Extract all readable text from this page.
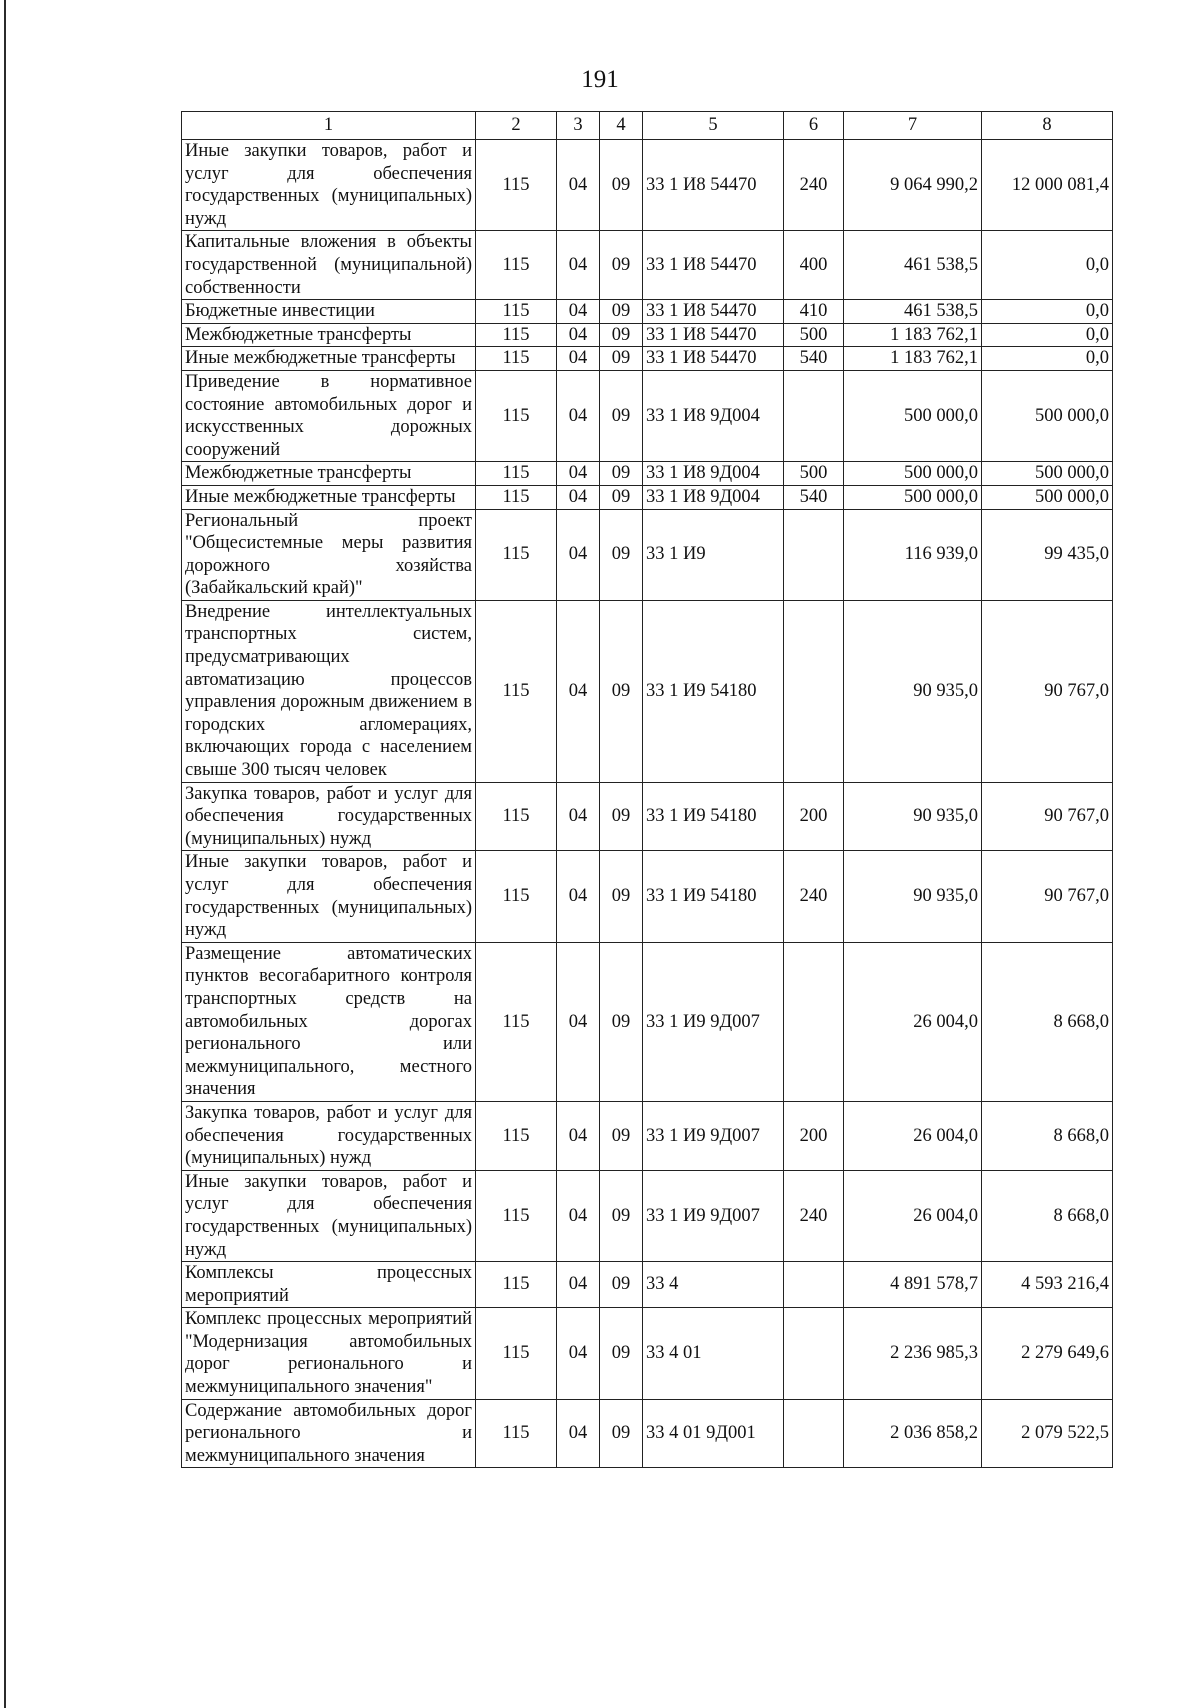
191
1	2	3	4	5	6	7	8
Иные закупки товаров, работ и услуг для обеспечения государственных (муниципальных) нужд	115	04	09	33 1 И8 54470	240	9 064 990,2	12 000 081,4
Капитальные вложения в объекты государственной (муниципальной) собственности	115	04	09	33 1 И8 54470	400	461 538,5	0,0
Бюджетные инвестиции	115	04	09	33 1 И8 54470	410	461 538,5	0,0
Межбюджетные трансферты	115	04	09	33 1 И8 54470	500	1 183 762,1	0,0
Иные межбюджетные трансферты	115	04	09	33 1 И8 54470	540	1 183 762,1	0,0
Приведение в нормативное состояние автомобильных дорог и искусственных дорожных сооружений	115	04	09	33 1 И8 9Д004		500 000,0	500 000,0
Межбюджетные трансферты	115	04	09	33 1 И8 9Д004	500	500 000,0	500 000,0
Иные межбюджетные трансферты	115	04	09	33 1 И8 9Д004	540	500 000,0	500 000,0
Региональный проект "Общесистемные меры развития дорожного хозяйства (Забайкальский край)"	115	04	09	33 1 И9		116 939,0	99 435,0
Внедрение интеллектуальных транспортных систем, предусматривающих автоматизацию процессов управления дорожным движением в городских агломерациях, включающих города с населением свыше 300 тысяч человек	115	04	09	33 1 И9 54180		90 935,0	90 767,0
Закупка товаров, работ и услуг для обеспечения государственных (муниципальных) нужд	115	04	09	33 1 И9 54180	200	90 935,0	90 767,0
Иные закупки товаров, работ и услуг для обеспечения государственных (муниципальных) нужд	115	04	09	33 1 И9 54180	240	90 935,0	90 767,0
Размещение автоматических пунктов весогабаритного контроля транспортных средств на автомобильных дорогах регионального или межмуниципального, местного значения	115	04	09	33 1 И9 9Д007		26 004,0	8 668,0
Закупка товаров, работ и услуг для обеспечения государственных (муниципальных) нужд	115	04	09	33 1 И9 9Д007	200	26 004,0	8 668,0
Иные закупки товаров, работ и услуг для обеспечения государственных (муниципальных) нужд	115	04	09	33 1 И9 9Д007	240	26 004,0	8 668,0
Комплексы процессных мероприятий	115	04	09	33 4		4 891 578,7	4 593 216,4
Комплекс процессных мероприятий "Модернизация автомобильных дорог регионального и межмуниципального значения"	115	04	09	33 4 01		2 236 985,3	2 279 649,6
Содержание автомобильных дорог регионального и межмуниципального значения	115	04	09	33 4 01 9Д001		2 036 858,2	2 079 522,5
